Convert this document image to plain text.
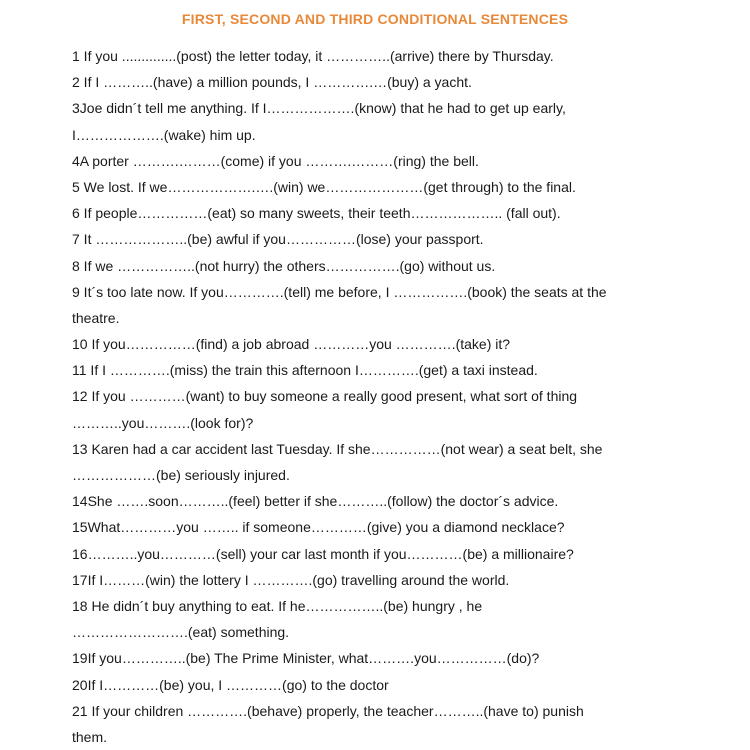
FIRST, SECOND AND THIRD CONDITIONAL SENTENCES
1 If you ..............(post) the letter today, it …………..(arrive) there by Thursday.
2 If I ………..(have) a million pounds, I ………….…(buy) a yacht.
3Joe didn´t tell me anything. If I……………….(know) that he had to get up early,
I……………….(wake) him up.
4A porter ……….………(come) if you ……….………(ring) the bell.
5 We lost. If we……………….….(win) we…………………(get through) to the final.
6 If people……………(eat) so many sweets, their teeth……………….. (fall out).
7 It ………………..(be) awful if you……………(lose) your passport.
8 If we ……………..(not hurry) the others…………….(go) without us.
9 It´s too late now. If you………….(tell) me before, I …………….(book) the seats at the
theatre.
10 If you……………(find) a job abroad …………you ………….(take) it?
11 If I ………….(miss) the train this afternoon I………….(get) a taxi instead.
12 If you …………(want) to buy someone a really good present, what sort of thing
………..you……….(look for)?
13 Karen had a car accident last Tuesday. If she……………(not wear) a seat belt, she
………………(be) seriously injured.
14She …….soon………..(feel) better if she………..(follow) the doctor´s advice.
15What…………you …….. if someone…………(give) you a diamond necklace?
16………..you…………(sell) your car last month if you…………(be) a millionaire?
17If I………(win) the lottery I ………….(go) travelling around the world.
18 He didn´t buy anything to eat. If he……………..(be) hungry , he
…………………….(eat) something.
19If you…………..(be) The Prime Minister, what……….you……………(do)?
20If I…………(be) you, I …………(go) to the doctor
21 If your children ………….(behave) properly, the teacher………..(have to) punish
them.
